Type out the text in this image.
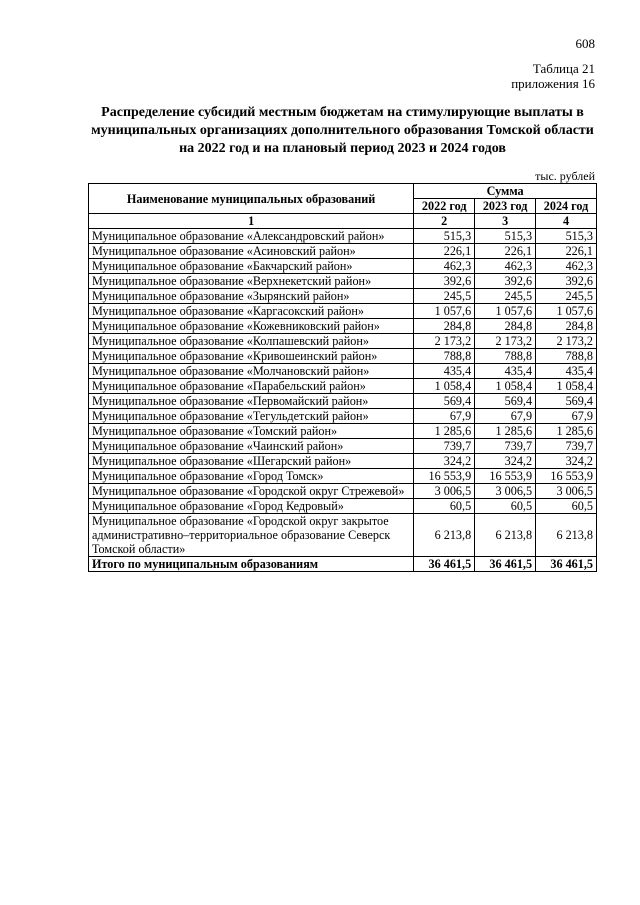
608
Таблица 21
приложения 16
Распределение субсидий местным бюджетам на стимулирующие выплаты в муниципальных организациях дополнительного образования Томской области на 2022 год и на плановый период 2023 и 2024 годов
тыс. рублей
Наименование муниципальных образований	Сумма		
	2022 год	2023 год	2024 год
1	2	3	4
Муниципальное образование «Александровский район»	515,3	515,3	515,3
Муниципальное образование «Асиновский район»	226,1	226,1	226,1
Муниципальное образование «Бакчарский район»	462,3	462,3	462,3
Муниципальное образование «Верхнекетский район»	392,6	392,6	392,6
Муниципальное образование «Зырянский район»	245,5	245,5	245,5
Муниципальное образование «Каргасокский район»	1 057,6	1 057,6	1 057,6
Муниципальное образование «Кожевниковский район»	284,8	284,8	284,8
Муниципальное образование «Колпашевский район»	2 173,2	2 173,2	2 173,2
Муниципальное образование «Кривошеинский район»	788,8	788,8	788,8
Муниципальное образование «Молчановский район»	435,4	435,4	435,4
Муниципальное образование «Парабельский район»	1 058,4	1 058,4	1 058,4
Муниципальное образование «Первомайский район»	569,4	569,4	569,4
Муниципальное образование «Тегульдетский район»	67,9	67,9	67,9
Муниципальное образование «Томский район»	1 285,6	1 285,6	1 285,6
Муниципальное образование «Чаинский район»	739,7	739,7	739,7
Муниципальное образование «Шегарский район»	324,2	324,2	324,2
Муниципальное образование «Город Томск»	16 553,9	16 553,9	16 553,9
Муниципальное образование «Городской округ Стрежевой»	3 006,5	3 006,5	3 006,5
Муниципальное образование «Город Кедровый»	60,5	60,5	60,5
Муниципальное образование «Городской округ закрытое административно–территориальное образование Северск Томской области»	6 213,8	6 213,8	6 213,8
Итого по муниципальным образованиям	36 461,5	36 461,5	36 461,5
